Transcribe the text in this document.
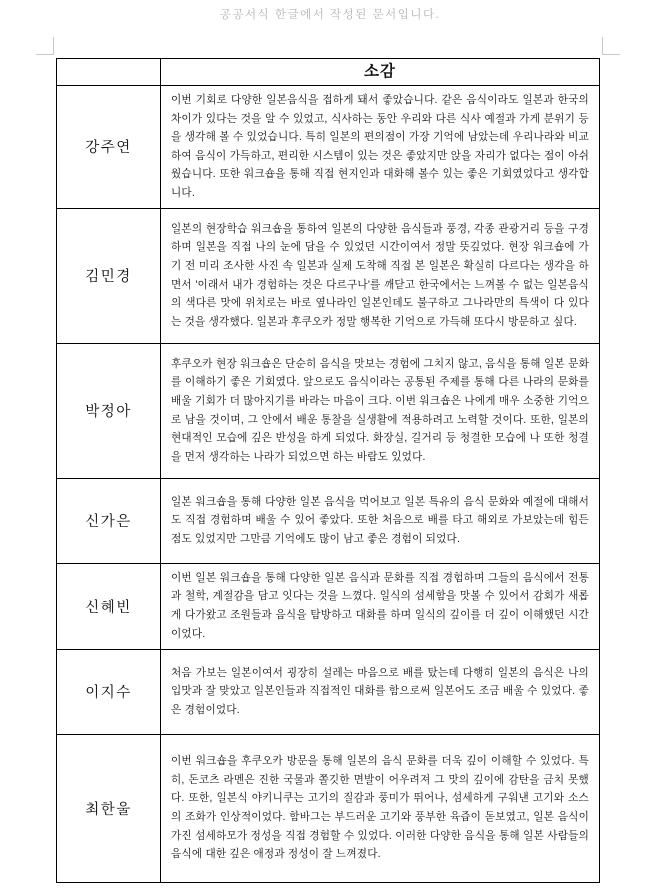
공공서식 한글에서 작성된 문서입니다.
소감
강주연
이번 기회로 다양한 일본음식을 접하게 돼서 좋았습니다. 같은 음식이라도 일본과 한국의 차이가 있다는 것을 알 수 있었고, 식사하는 동안 우리와 다른 식사 예절과 가게 분위기 등을 생각해 볼 수 있었습니다. 특히 일본의 편의점이 가장 기억에 남았는데 우리나라와 비교하여 음식이 가득하고, 편리한 시스템이 있는 것은 좋았지만 앉을 자리가 없다는 점이 아쉬웠습니다. 또한 워크숍을 통해 직접 현지인과 대화해 볼수 있는 좋은 기회였었다고 생각합니다.
김민경
일본의 현장학습 워크숍을 통하여 일본의 다양한 음식들과 풍경, 각종 관광거리 등을 구경하며 일본을 직접 나의 눈에 담을 수 있었던 시간이여서 정말 뜻깊었다. 현장 워크숍에 가기 전 미리 조사한 사진 속 일본과 실제 도착해 직접 본 일본은 확실히 다르다는 생각을 하면서 '이래서 내가 경험하는 것은 다르구나'를 깨닫고 한국에서는 느껴볼 수 없는 일본음식의 색다른 맛에 위치로는 바로 옆나라인 일본인데도 불구하고 그나라만의 특색이 다 있다는 것을 생각했다. 일본과 후쿠오카 정말 행복한 기억으로 가득해 또다시 방문하고 싶다.
박정아
후쿠오카 현장 워크숍은 단순히 음식을 맛보는 경험에 그치지 않고, 음식을 통해 일본 문화를 이해하기 좋은 기회였다. 앞으로도 음식이라는 공통된 주제를 통해 다른 나라의 문화를 배울 기회가 더 많아지기를 바라는 마음이 크다. 이번 워크숍은 나에게 매우 소중한 기억으로 남을 것이며, 그 안에서 배운 통찰을 실생활에 적용하려고 노력할 것이다. 또한, 일본의 현대적인 모습에 깊은 반성을 하게 되었다. 화장실, 길거리 등 청결한 모습에 나 또한 청결을 먼저 생각하는 나라가 되었으면 하는 바람도 있었다.
신가은
일본 워크숍을 통해 다양한 일본 음식을 먹어보고 일본 특유의 음식 문화와 예절에 대해서도 직접 경험하며 배울 수 있어 좋았다. 또한 처음으로 배를 타고 해외로 가보았는데 힘든점도 있었지만 그만큼 기억에도 많이 남고 좋은 경험이 되었다.
신혜빈
이번 일본 워크숍을 통해 다양한 일본 음식과 문화를 직접 경험하며 그들의 음식에서 전통과 철학, 계절감을 담고 잇다는 것을 느꼈다. 일식의 섬세함을 맛볼 수 있어서 감회가 새롭게 다가왔고 조원들과 음식을 탐방하고 대화를 하며 일식의 깊이를 더 깊이 이해했던 시간이었다.
이지수
처음 가보는 일본이여서 굉장히 설레는 마음으로 배를 탔는데 다행히 일본의 음식은 나의 입맛과 잘 맞았고 일본인들과 직접적인 대화를 함으로써 일본어도 조금 배울 수 있었다. 좋은 경험이었다.
최한울
이번 워크숍을 후쿠오카 방문을 통해 일본의 음식 문화를 더욱 깊이 이해할 수 있었다. 특히, 돈코츠 라멘은 진한 국물과 쫄깃한 면발이 어우려져 그 맛의 깊이에 감탄을 금치 못했다. 또한, 일본식 야키니쿠는 고기의 질감과 풍미가 뛰어나, 섬세하게 구워낸 고기와 소스의 조화가 인상적이었다. 함바그는 부드러운 고기와 풍부한 육즙이 돋보였고, 일본 음식이 가진 섬세하모가 정성을 직접 경험할 수 있었다. 이러한 다양한 음식을 통해 일본 사람들의 음식에 대한 깊은 애정과 정성이 잘 느껴졌다.
